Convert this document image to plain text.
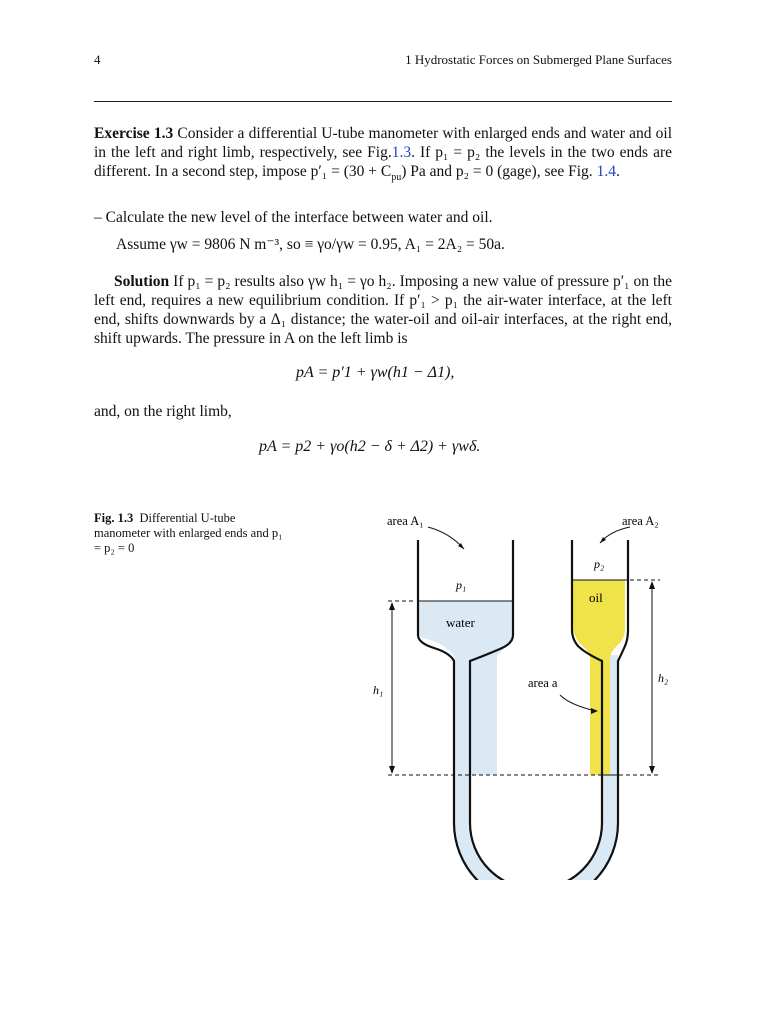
4	1 Hydrostatic Forces on Submerged Plane Surfaces
Exercise 1.3 Consider a differential U-tube manometer with enlarged ends and water and oil in the left and right limb, respectively, see Fig.1.3. If p₁ = p₂ the levels in the two ends are different. In a second step, impose $p'_1 = (30 + C_{pu})$ Pa and p₂ = 0 (gage), see Fig. 1.4.
– Calculate the new level of the interface between water and oil.
Assume γw = 9806 N m⁻³, so ≡ γo/γw = 0.95, A₁ = 2A₂ = 50a.
Solution If p₁ = p₂ results also γw h₁ = γo h₂. Imposing a new value of pressure p′₁ on the left end, requires a new equilibrium condition. If p′₁ > p₁ the air-water interface, at the left end, shifts downwards by a Δ₁ distance; the water-oil and oil-air interfaces, at the right end, shift upwards. The pressure in A on the left limb is
pA = p′1 + γw(h1 − Δ1),
and, on the right limb,
pA = p2 + γo(h2 − δ + Δ2) + γwδ.
Fig. 1.3 Differential U-tube manometer with enlarged ends and p₁ = p₂ = 0
area A₁	area A₂
p₁
p₂
water
oil
area a
h₁
h₂
